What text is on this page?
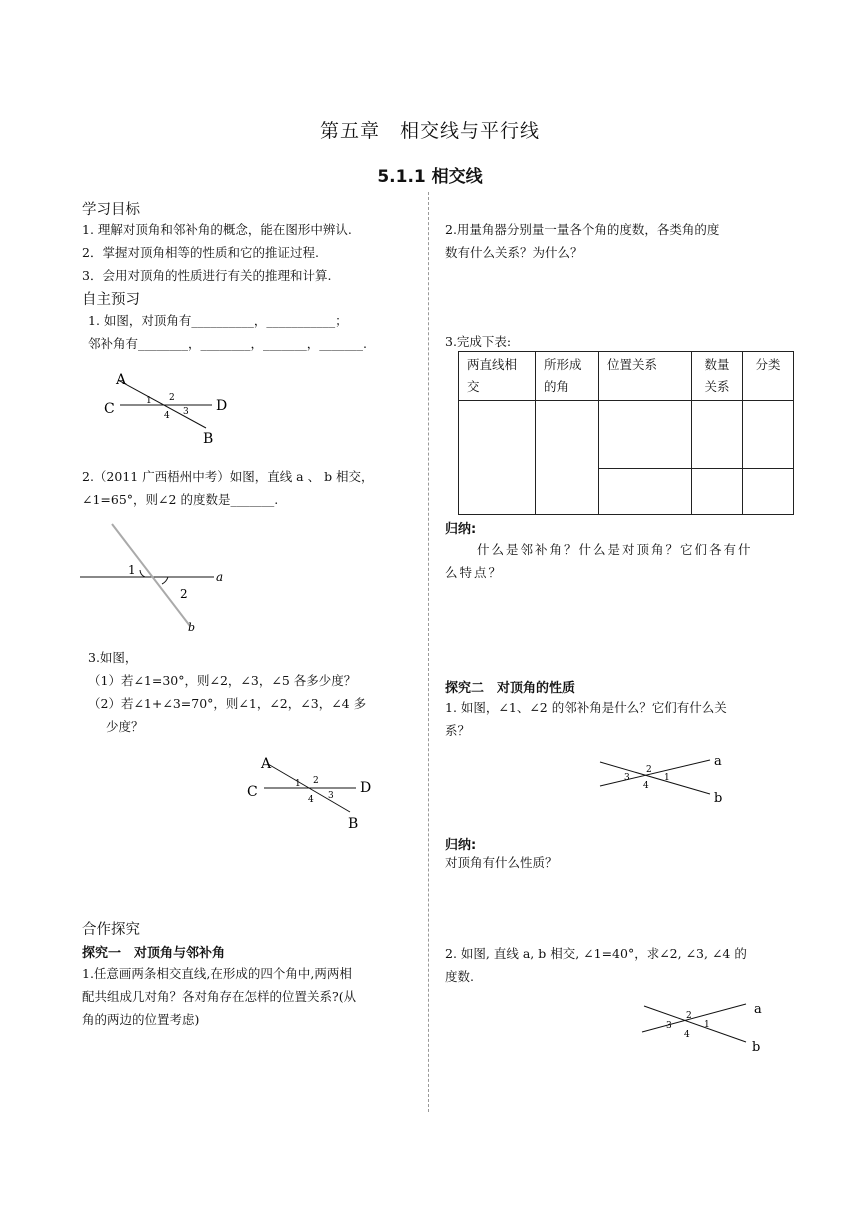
第五章　相交线与平行线
5.1.1 相交线
学习目标
1. 理解对顶角和邻补角的概念，能在图形中辨认.
2．掌握对顶角相等的性质和它的推证过程.
3．会用对顶角的性质进行有关的推理和计算.
自主预习
1. 如图，对顶角有__________，___________；
邻补角有________，________，_______，_______.
A
C	D
B
1 2
3
4
2.（2011 广西梧州中考）如图，直线 a 、 b 相交，
∠1=65°，则∠2 的度数是_______.
1
2
a
b
3.如图，
（1）若∠1=30°，则∠2，∠3，∠5 各多少度？
（2）若∠1+∠3=70°，则∠1，∠2，∠3，∠4 多
少度？
A
C	D
B
1 2
3
4
合作探究
探究一　对顶角与邻补角
1.任意画两条相交直线,在形成的四个角中,两两相
配共组成几对角？各对角存在怎样的位置关系?(从
角的两边的位置考虑)
2.用量角器分别量一量各个角的度数，各类角的度
数有什么关系？为什么？
3.完成下表:
两直线相交	所形成的角	位置关系	数量关系	分类

归纳:
什么是邻补角？什么是对顶角？它们各有什
么特点？
探究二　对顶角的性质
1. 如图，∠1、∠2 的邻补角是什么？它们有什么关
系？
a
b
3
2
1
4
归纳:
对顶角有什么性质？
2. 如图, 直线 a, b 相交, ∠1=40°，求∠2, ∠3, ∠4 的
度数.
a
b
3
2
1
4
